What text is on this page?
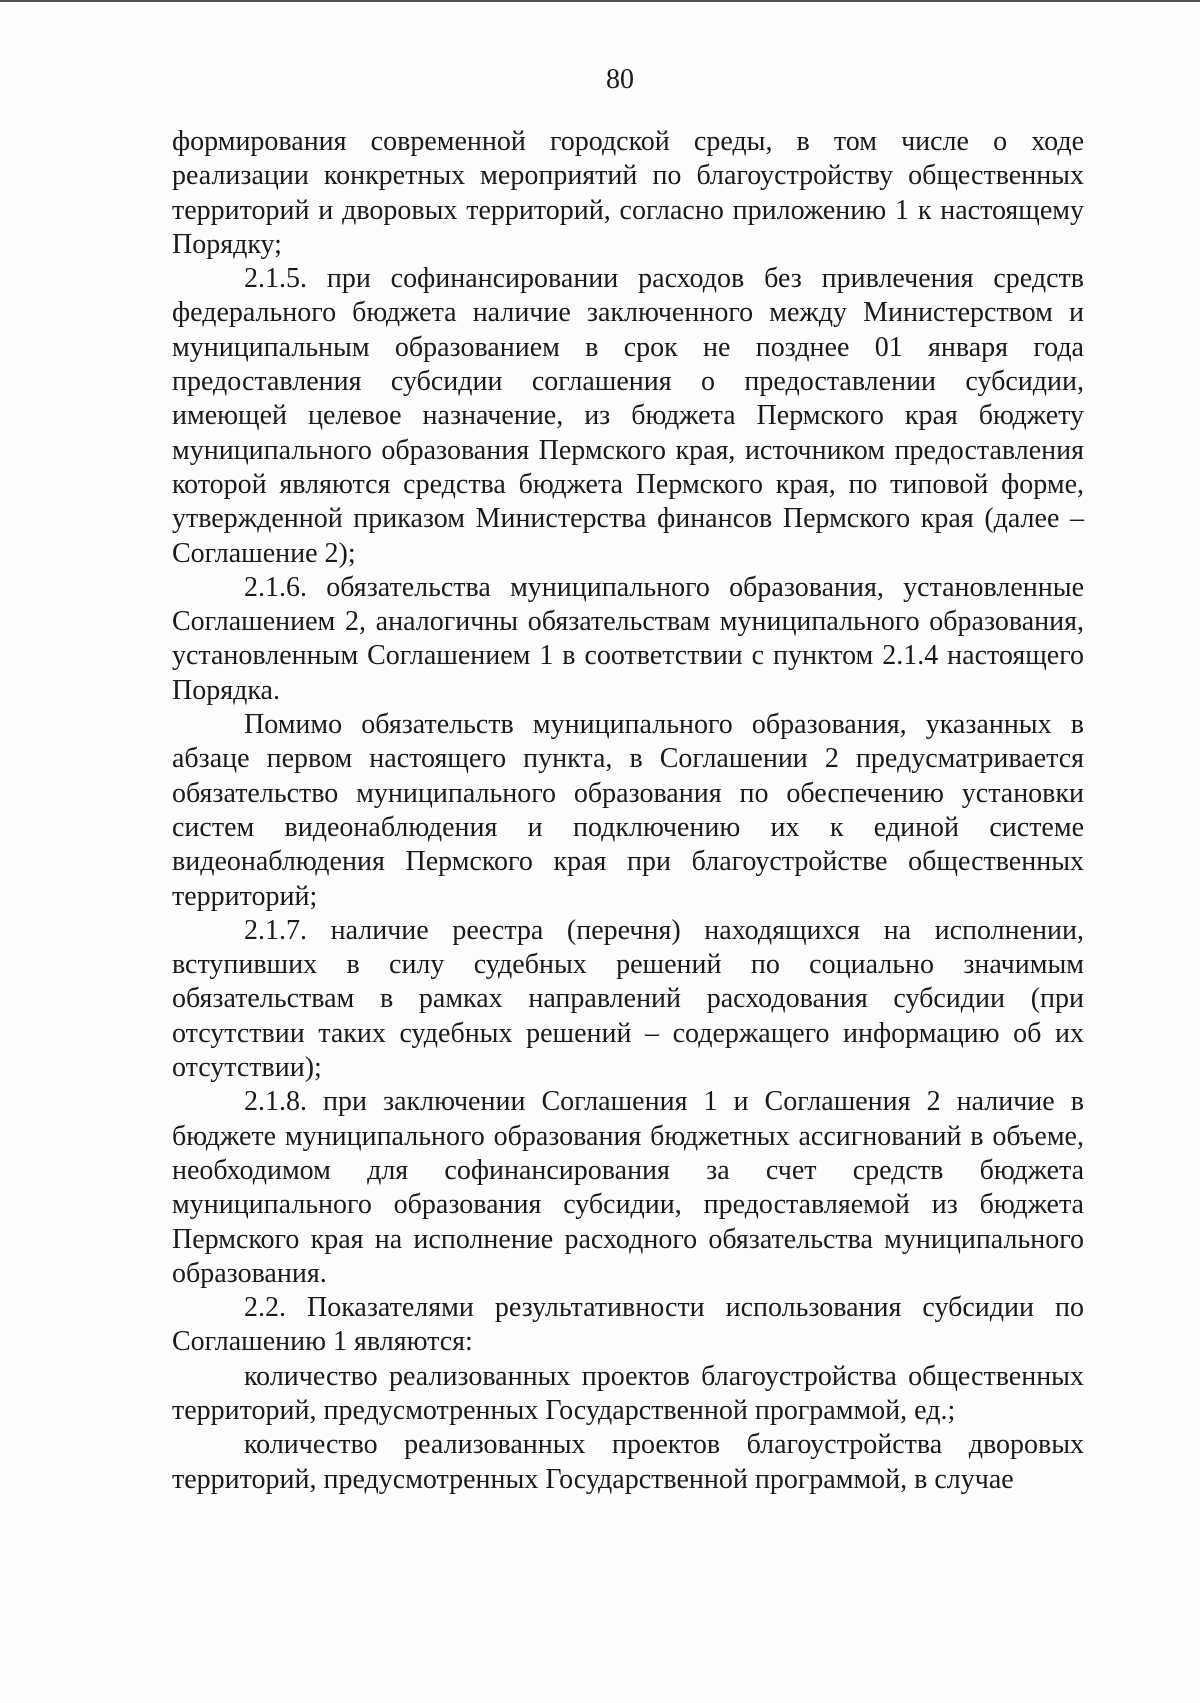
80

формирования современной городской среды, в том числе о ходе реализации конкретных мероприятий по благоустройству общественных территорий и дворовых территорий, согласно приложению 1 к настоящему Порядку;

2.1.5. при софинансировании расходов без привлечения средств федерального бюджета наличие заключенного между Министерством и муниципальным образованием в срок не позднее 01 января года предоставления субсидии соглашения о предоставлении субсидии, имеющей целевое назначение, из бюджета Пермского края бюджету муниципального образования Пермского края, источником предоставления которой являются средства бюджета Пермского края, по типовой форме, утвержденной приказом Министерства финансов Пермского края (далее – Соглашение 2);

2.1.6. обязательства муниципального образования, установленные Соглашением 2, аналогичны обязательствам муниципального образования, установленным Соглашением 1 в соответствии с пунктом 2.1.4 настоящего Порядка.

Помимо обязательств муниципального образования, указанных в абзаце первом настоящего пункта, в Соглашении 2 предусматривается обязательство муниципального образования по обеспечению установки систем видеонаблюдения и подключению их к единой системе видеонаблюдения Пермского края при благоустройстве общественных территорий;

2.1.7. наличие реестра (перечня) находящихся на исполнении, вступивших в силу судебных решений по социально значимым обязательствам в рамках направлений расходования субсидии (при отсутствии таких судебных решений – содержащего информацию об их отсутствии);

2.1.8. при заключении Соглашения 1 и Соглашения 2 наличие в бюджете муниципального образования бюджетных ассигнований в объеме, необходимом для софинансирования за счет средств бюджета муниципального образования субсидии, предоставляемой из бюджета Пермского края на исполнение расходного обязательства муниципального образования.

2.2. Показателями результативности использования субсидии по Соглашению 1 являются:

количество реализованных проектов благоустройства общественных территорий, предусмотренных Государственной программой, ед.;

количество реализованных проектов благоустройства дворовых территорий, предусмотренных Государственной программой, в случае
